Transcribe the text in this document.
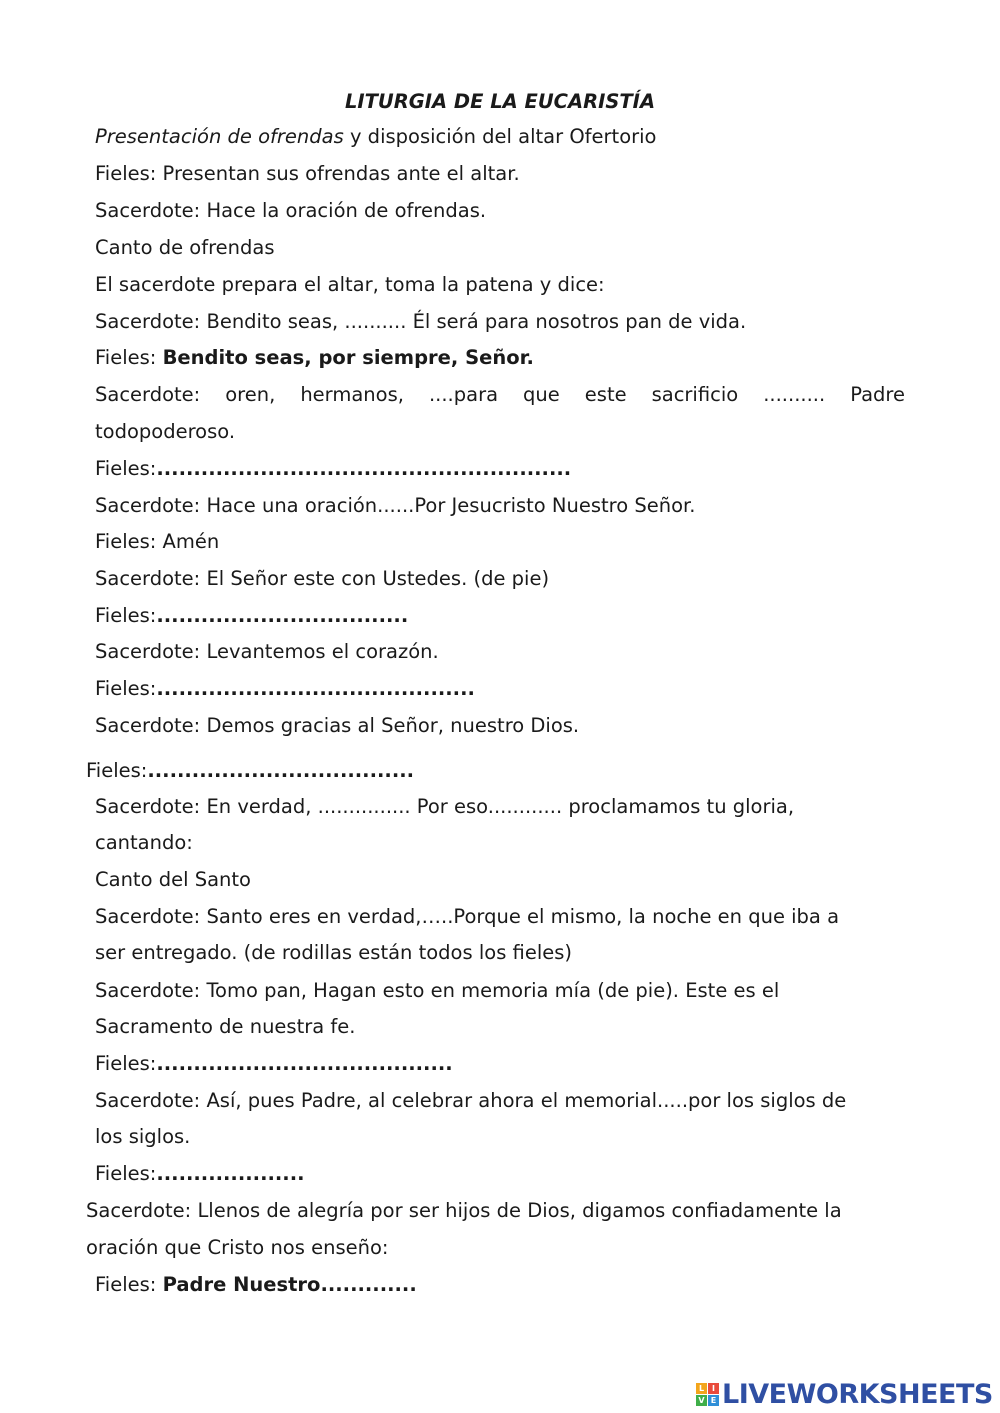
LITURGIA DE LA EUCARISTÍA
Presentación de ofrendas y disposición del altar Ofertorio
Fieles: Presentan sus ofrendas ante el altar.
Sacerdote: Hace la oración de ofrendas.
Canto de ofrendas
El sacerdote prepara el altar, toma la patena y dice:
Sacerdote: Bendito seas, .......... Él será para nosotros pan de vida.
Fieles: Bendito seas, por siempre, Señor.
Sacerdote: oren, hermanos, ....para que este sacrificio .......... Padre
todopoderoso.
Fieles:........................................................
Sacerdote: Hace una oración......Por Jesucristo Nuestro Señor.
Fieles: Amén
Sacerdote: El Señor este con Ustedes. (de pie)
Fieles:..................................
Sacerdote: Levantemos el corazón.
Fieles:...........................................
Sacerdote: Demos gracias al Señor, nuestro Dios.
Fieles:....................................
Sacerdote: En verdad, ............... Por eso............ proclamamos tu gloria,
cantando:
Canto del Santo
Sacerdote: Santo eres en verdad,…..Porque el mismo, la noche en que iba a
ser entregado. (de rodillas están todos los fieles)
Sacerdote: Tomo pan, Hagan esto en memoria mía (de pie). Este es el
Sacramento de nuestra fe.
Fieles:........................................
Sacerdote: Así, pues Padre, al celebrar ahora el memorial.....por los siglos de
los siglos.
Fieles:....................
Sacerdote: Llenos de alegría por ser hijos de Dios, digamos confiadamente la
oración que Cristo nos enseño:
Fieles: Padre Nuestro.............
L I
V E LIVEWORKSHEETS
